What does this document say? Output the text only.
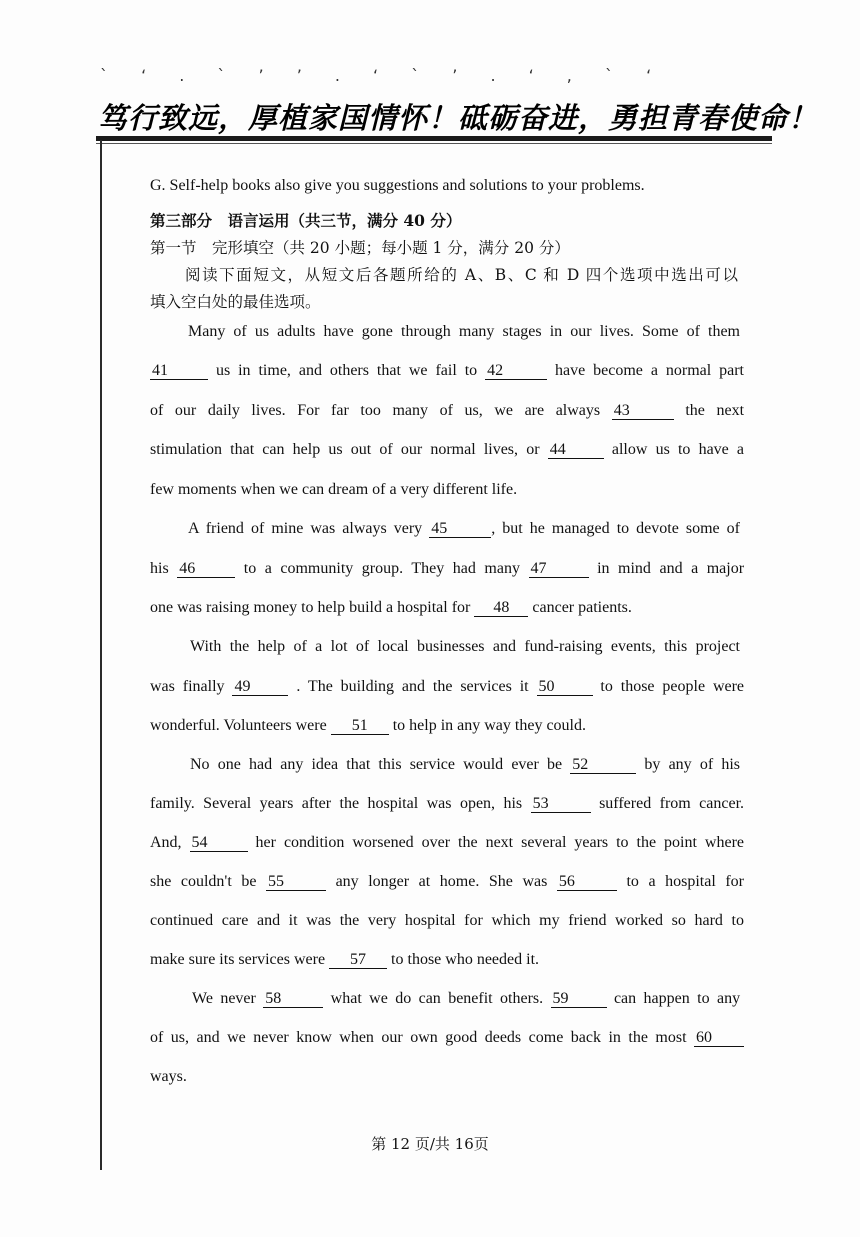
` ‘ . ` ’ ’ . ‘ ` ’ . ‘ , ` ‘
笃行致远，厚植家国情怀！砥砺奋进，勇担青春使命！
G. Self-help books also give you suggestions and solutions to your problems.
第三部分　语言运用（共三节，满分 40 分）
第一节　完形填空（共 20 小题；每小题 1 分，满分 20 分）
阅读下面短文，从短文后各题所给的 A、B、C 和 D 四个选项中选出可以
填入空白处的最佳选项。
Many of us adults have gone through many stages in our lives. Some of them
41	us in time, and others that we fail to 42	have become a normal part
of our daily lives. For far too many of us, we are always 43	the next
stimulation that can help us out of our normal lives, or 44	allow us to have a
few moments when we can dream of a very different life.
A friend of mine was always very 45	, but he managed to devote some of
his 46	to a community group. They had many 47	in mind and a major
one was raising money to help build a hospital for 48 cancer patients.
With the help of a lot of local businesses and fund-raising events, this project
was finally 49	. The building and the services it 50	to those people were
wonderful. Volunteers were 51 to help in any way they could.
No one had any idea that this service would ever be 52	by any of his
family. Several years after the hospital was open, his 53	suffered from cancer.
And, 54	her condition worsened over the next several years to the point where
she couldn't be 55	any longer at home. She was 56	to a hospital for
continued care and it was the very hospital for which my friend worked so hard to
make sure its services were 57 to those who needed it.
We never 58	what we do can benefit others. 59	can happen to any
of us, and we never know when our own good deeds come back in the most 60
ways.
第 12 页/共 16页
